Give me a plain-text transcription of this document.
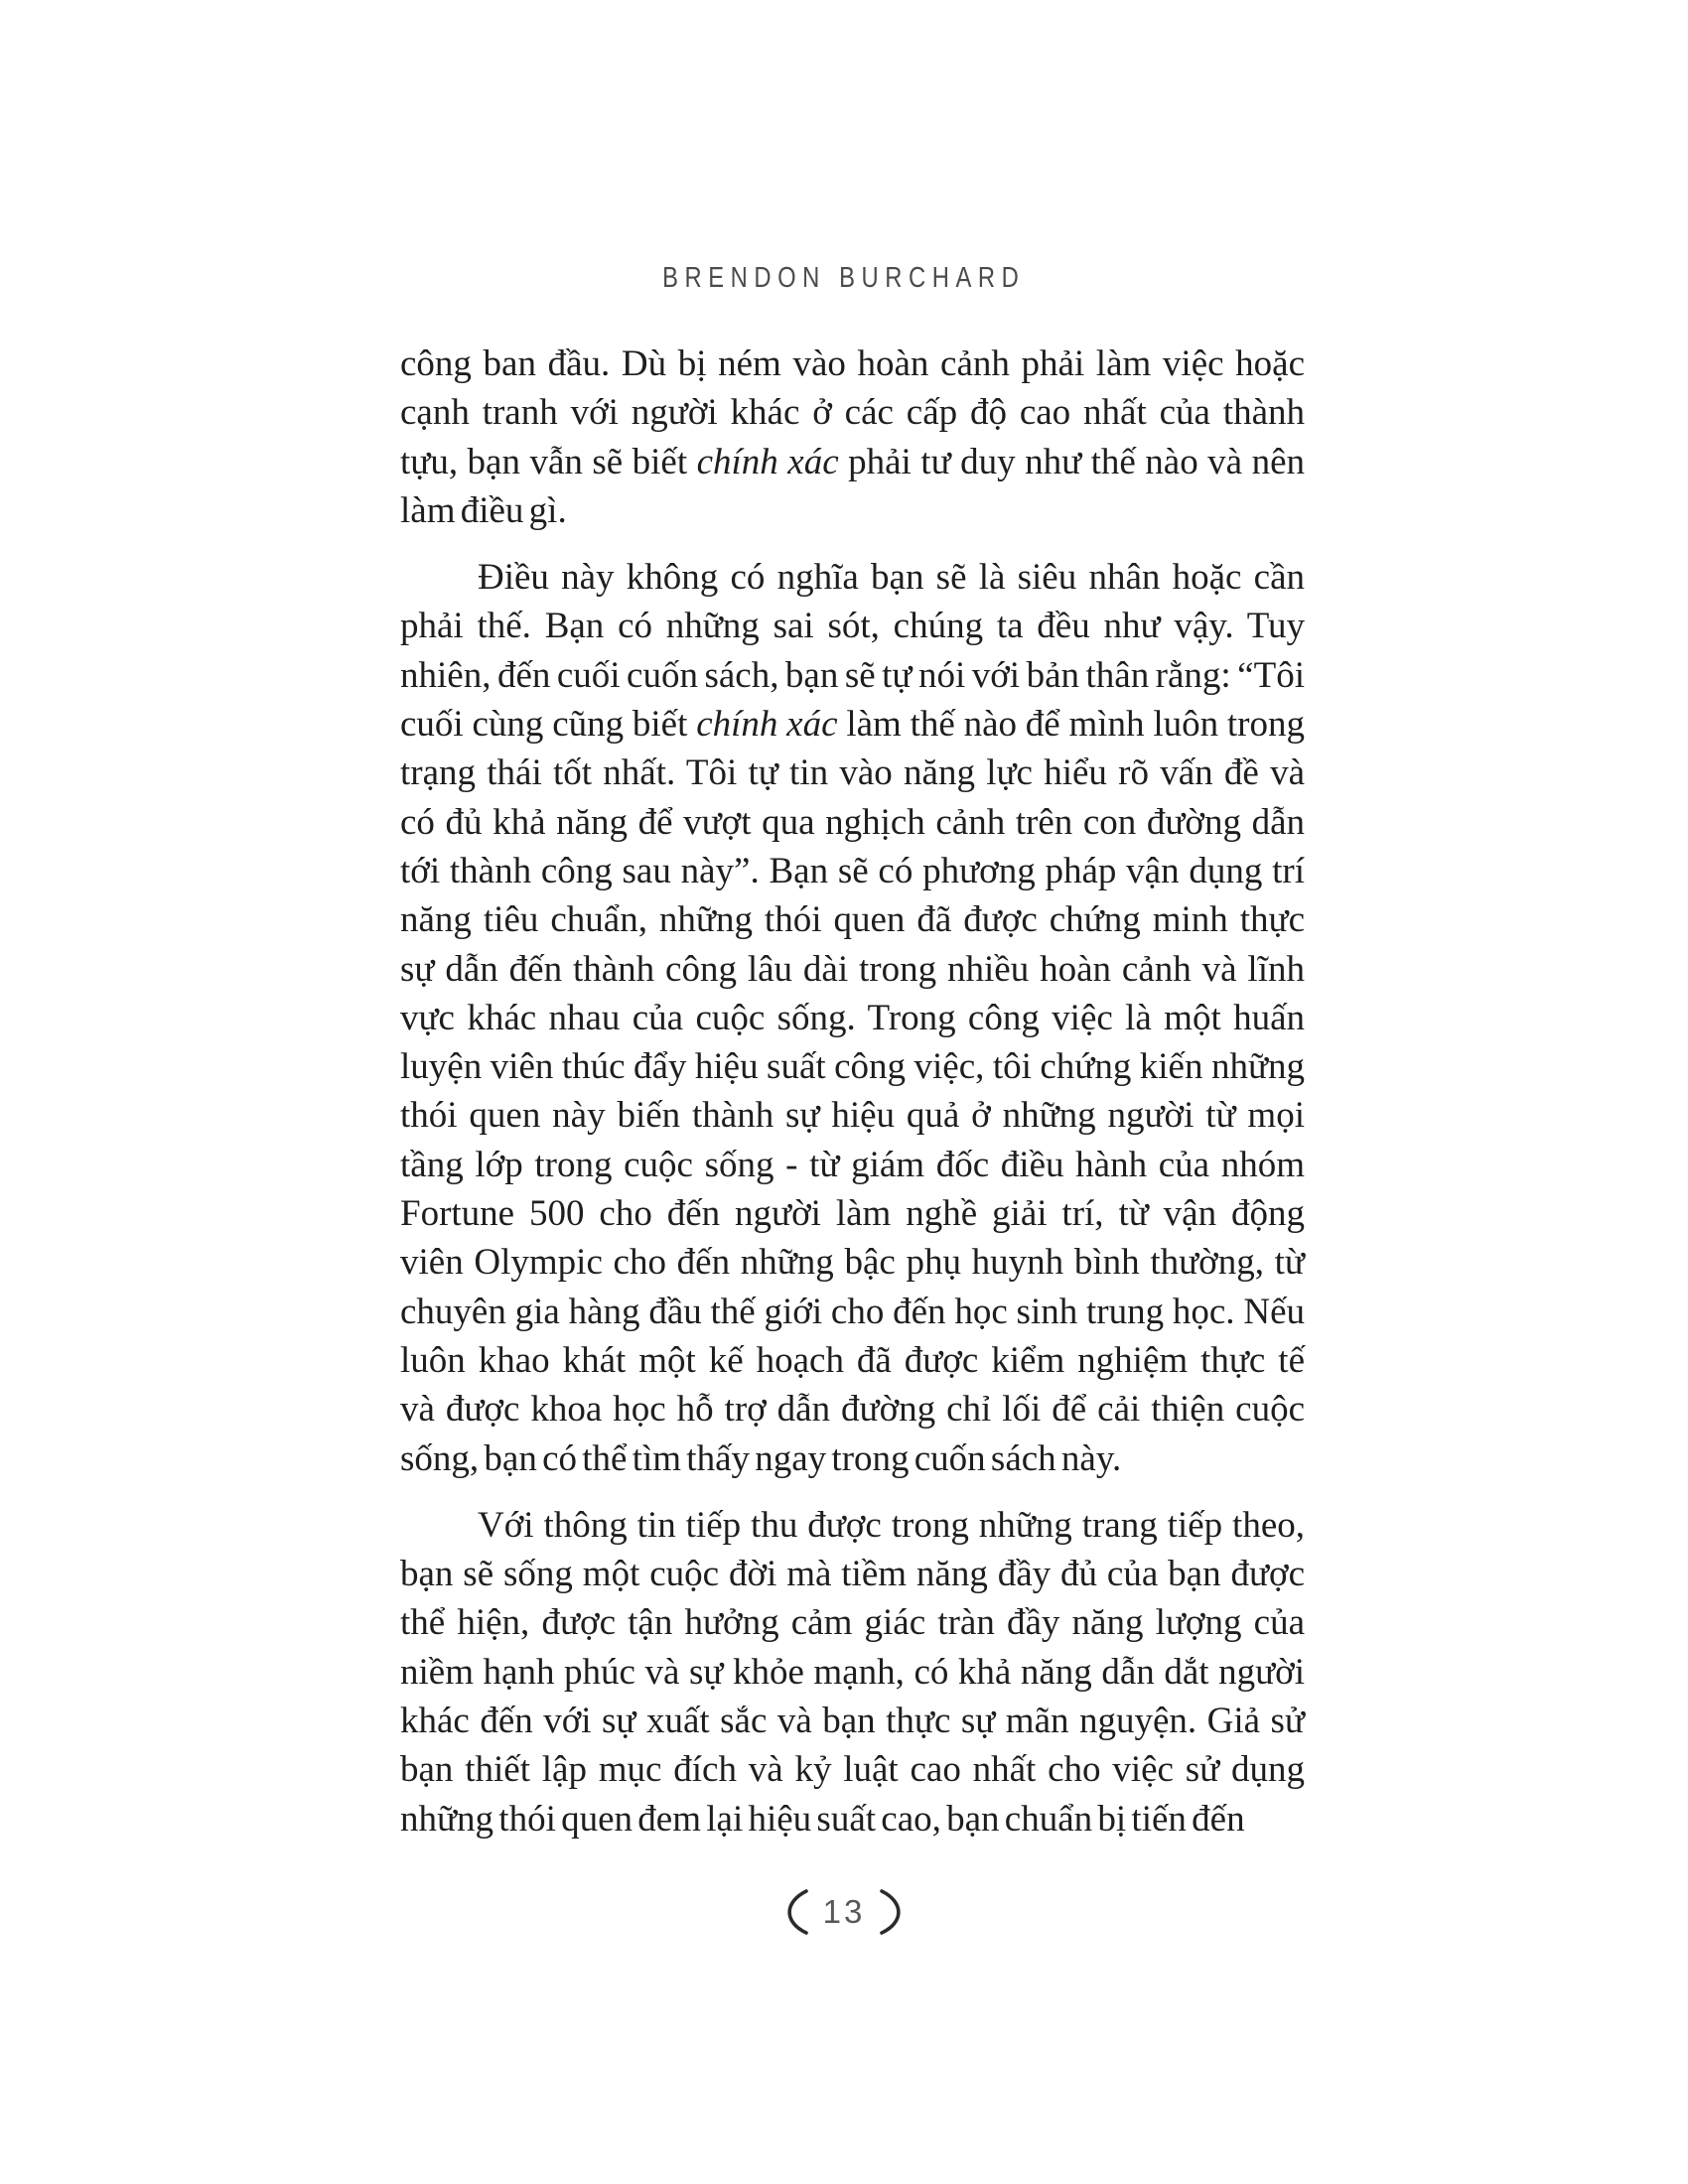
BRENDON BURCHARD
công ban đầu. Dù bị ném vào hoàn cảnh phải làm việc hoặc
cạnh tranh với người khác ở các cấp độ cao nhất của thành
tựu, bạn vẫn sẽ biết chính xác phải tư duy như thế nào và nên
làm điều gì.
Điều này không có nghĩa bạn sẽ là siêu nhân hoặc cần
phải thế. Bạn có những sai sót, chúng ta đều như vậy. Tuy
nhiên, đến cuối cuốn sách, bạn sẽ tự nói với bản thân rằng: “Tôi
cuối cùng cũng biết chính xác làm thế nào để mình luôn trong
trạng thái tốt nhất. Tôi tự tin vào năng lực hiểu rõ vấn đề và
có đủ khả năng để vượt qua nghịch cảnh trên con đường dẫn
tới thành công sau này”. Bạn sẽ có phương pháp vận dụng trí
năng tiêu chuẩn, những thói quen đã được chứng minh thực
sự dẫn đến thành công lâu dài trong nhiều hoàn cảnh và lĩnh
vực khác nhau của cuộc sống. Trong công việc là một huấn
luyện viên thúc đẩy hiệu suất công việc, tôi chứng kiến những
thói quen này biến thành sự hiệu quả ở những người từ mọi
tầng lớp trong cuộc sống - từ giám đốc điều hành của nhóm
Fortune 500 cho đến người làm nghề giải trí, từ vận động
viên Olympic cho đến những bậc phụ huynh bình thường, từ
chuyên gia hàng đầu thế giới cho đến học sinh trung học. Nếu
luôn khao khát một kế hoạch đã được kiểm nghiệm thực tế
và được khoa học hỗ trợ dẫn đường chỉ lối để cải thiện cuộc
sống, bạn có thể tìm thấy ngay trong cuốn sách này.
Với thông tin tiếp thu được trong những trang tiếp theo,
bạn sẽ sống một cuộc đời mà tiềm năng đầy đủ của bạn được
thể hiện, được tận hưởng cảm giác tràn đầy năng lượng của
niềm hạnh phúc và sự khỏe mạnh, có khả năng dẫn dắt người
khác đến với sự xuất sắc và bạn thực sự mãn nguyện. Giả sử
bạn thiết lập mục đích và kỷ luật cao nhất cho việc sử dụng
những thói quen đem lại hiệu suất cao, bạn chuẩn bị tiến đến
13
